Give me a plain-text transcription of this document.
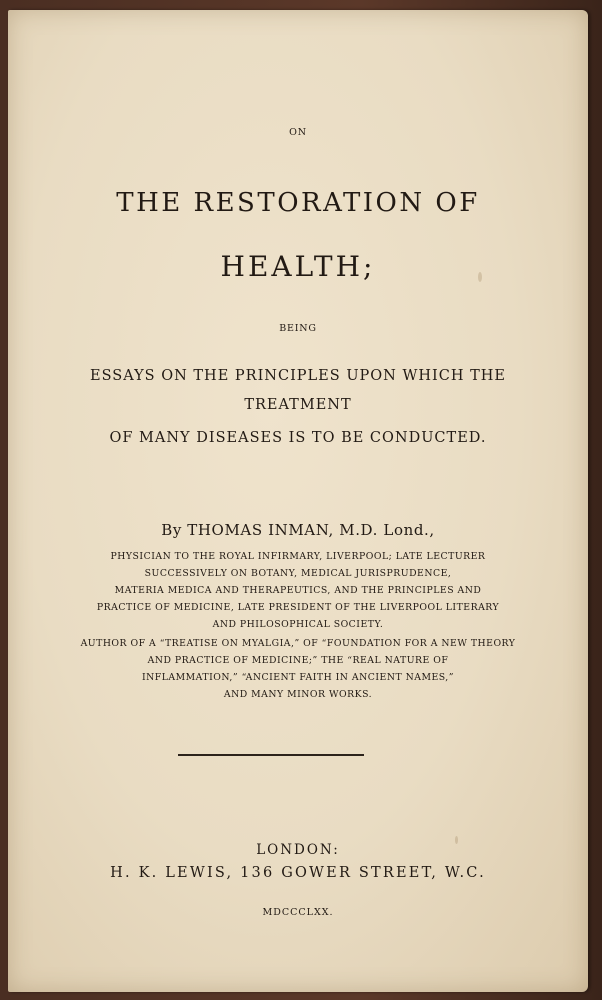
ON
THE RESTORATION OF
HEALTH;
BEING
ESSAYS ON THE PRINCIPLES UPON WHICH THE
TREATMENT
OF MANY DISEASES IS TO BE CONDUCTED.
By THOMAS INMAN, M.D. Lond.,
PHYSICIAN TO THE ROYAL INFIRMARY, LIVERPOOL; LATE LECTURER
SUCCESSIVELY ON BOTANY, MEDICAL JURISPRUDENCE,
MATERIA MEDICA AND THERAPEUTICS, AND THE PRINCIPLES AND
PRACTICE OF MEDICINE, LATE PRESIDENT OF THE LIVERPOOL LITERARY
AND PHILOSOPHICAL SOCIETY.
AUTHOR OF A “TREATISE ON MYALGIA,” OF “FOUNDATION FOR A NEW THEORY
AND PRACTICE OF MEDICINE;” THE “REAL NATURE OF
INFLAMMATION,” “ANCIENT FAITH IN ANCIENT NAMES,”
AND MANY MINOR WORKS.
LONDON:
H. K. LEWIS, 136 GOWER STREET, W.C.
MDCCCLXX.
